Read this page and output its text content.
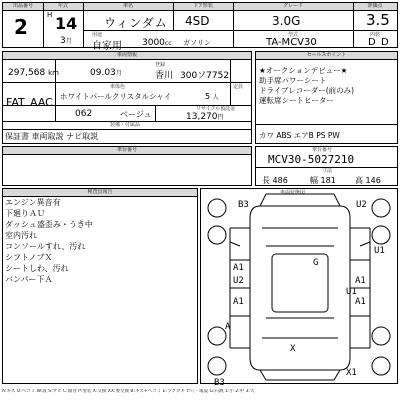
出品番号	年式	車名	ドア形状	グレード	評価点
2	H 14
3月
ウィンダム 4SD	3.0G	3.5
用途
自家用 3000cc ガソリン
型式
TA-MCV30
内装
D D
車両情報
297,568 km	09.03月
登録
香川 300ソ7752
車体色
ホワイトパールクリスタルシャイ
定員
5 人
FAT AAC
062	ベージュ
リサイクル預託金
13,270円
装備・付属品
保証書 車両取説 ナビ取説
セールスポイント
★オークションデビュー★
助手席パワーシート
ドライブレコーダー(前のみ)
運転席シートヒーター
カワ ABS エアB PS PW
車台番号	車台番号
MCV30-5027210
寸法
長 486	幅 181 高 146
検査員報告
エンジン異音有
下廻りＡＵ
ダッシュ盛歪み・うき中
室内汚れ
コンソールすれ、汚れ
シフトノブＸ
シートしわ、汚れ
バンパー下Ａ
車両状態図
B3	U2
U1
G
A1
U2
A1
A1
A1
U1
A
X
B3
X1
A:キズ U:ヘコミ W:波 S:サビ C:腐食 P:塗装 X:交換 XX:要交換 B:キズ+ヘコミ E:ラクガキ Y:穴・亀裂 G:石跳 1:小 2:中 3:大
